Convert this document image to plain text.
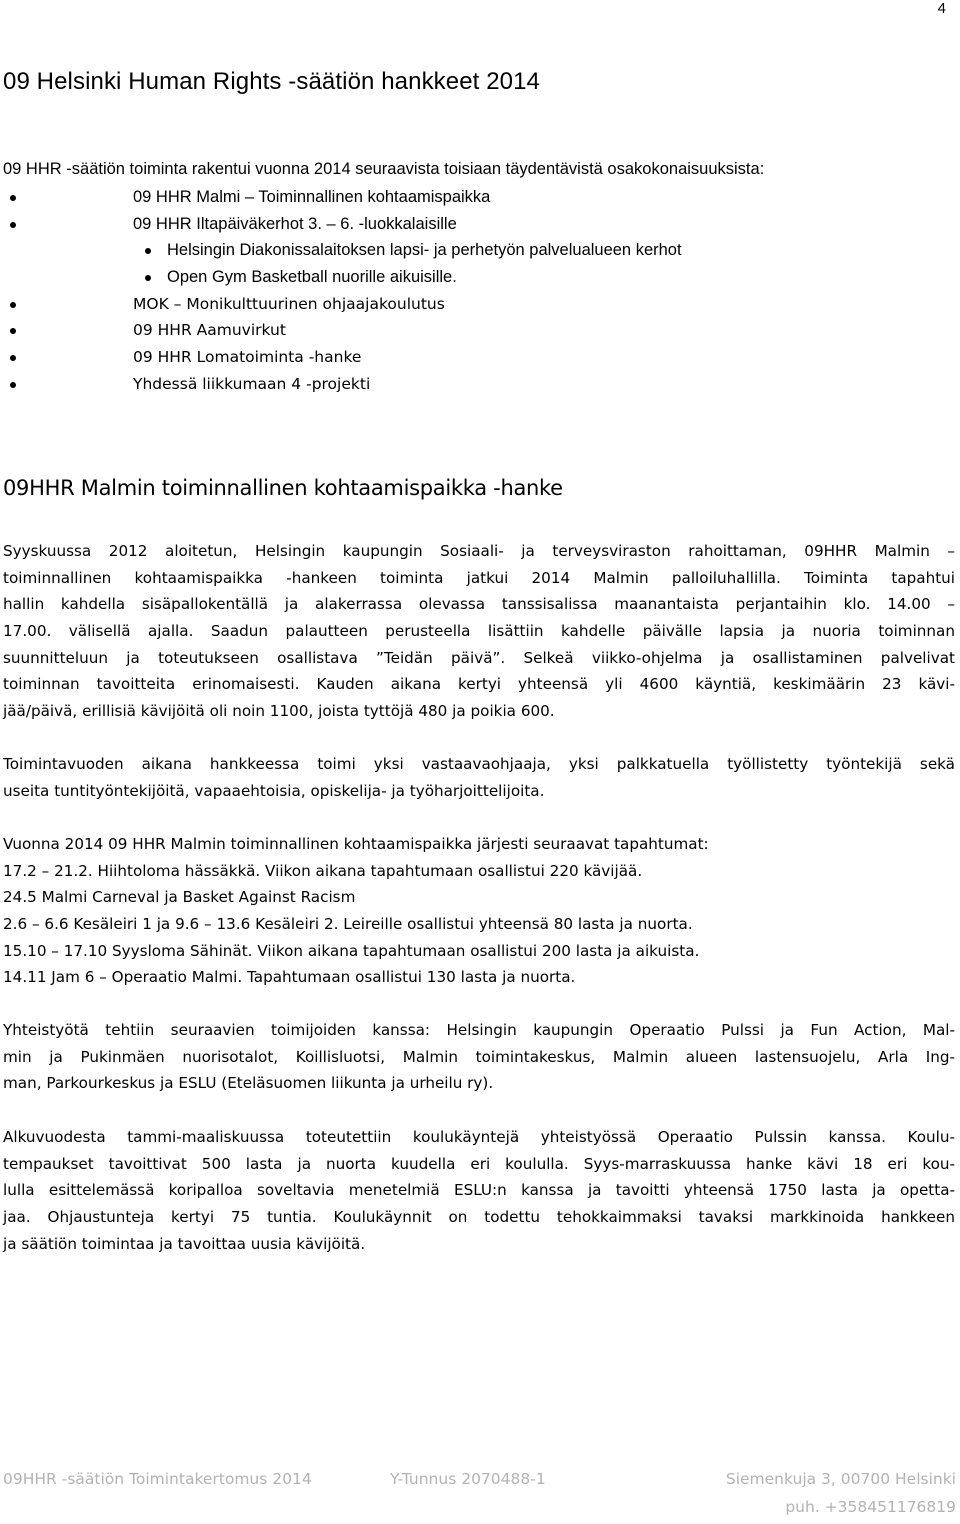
4
09 Helsinki Human Rights -säätiön hankkeet 2014
09 HHR -säätiön toiminta rakentui vuonna 2014 seuraavista toisiaan täydentävistä osakokonaisuuksista:
09 HHR Malmi – Toiminnallinen kohtaamispaikka
09 HHR Iltapäiväkerhot 3. – 6. -luokkalaisille
Helsingin Diakonissalaitoksen lapsi- ja perhetyön palvelualueen kerhot
Open Gym Basketball nuorille aikuisille.
MOK – Monikulttuurinen ohjaajakoulutus
09 HHR Aamuvirkut
09 HHR Lomatoiminta -hanke
Yhdessä liikkumaan 4 -projekti
09HHR Malmin toiminnallinen kohtaamispaikka -hanke

Syyskuussa 2012 aloitetun, Helsingin kaupungin Sosiaali- ja terveysviraston rahoittaman, 09HHR Malmin –
toiminnallinen kohtaamispaikka -hankeen toiminta jatkui 2014 Malmin palloiluhallilla. Toiminta tapahtui
hallin kahdella sisäpallokentällä ja alakerrassa olevassa tanssisalissa maanantaista perjantaihin klo. 14.00 –
17.00. välisellä ajalla. Saadun palautteen perusteella lisättiin kahdelle päivälle lapsia ja nuoria toiminnan
suunnitteluun ja toteutukseen osallistava ”Teidän päivä”. Selkeä viikko-ohjelma ja osallistaminen palvelivat
toiminnan tavoitteita erinomaisesti. Kauden aikana kertyi yhteensä yli 4600 käyntiä, keskimäärin 23 kävi-
jää/päivä, erillisiä kävijöitä oli noin 1100, joista tyttöjä 480 ja poikia 600.

Toimintavuoden aikana hankkeessa toimi yksi vastaavaohjaaja, yksi palkkatuella työllistetty työntekijä sekä
useita tuntityöntekijöitä, vapaaehtoisia, opiskelija- ja työharjoittelijoita.

Vuonna 2014 09 HHR Malmin toiminnallinen kohtaamispaikka järjesti seuraavat tapahtumat:
17.2 – 21.2. Hiihtoloma hässäkkä. Viikon aikana tapahtumaan osallistui 220 kävijää.
24.5 Malmi Carneval ja Basket Against Racism
2.6 – 6.6 Kesäleiri 1 ja 9.6 – 13.6 Kesäleiri 2. Leireille osallistui yhteensä 80 lasta ja nuorta.
15.10 – 17.10 Syysloma Sähinät. Viikon aikana tapahtumaan osallistui 200 lasta ja aikuista.
14.11 Jam 6 – Operaatio Malmi. Tapahtumaan osallistui 130 lasta ja nuorta.

Yhteistyötä tehtiin seuraavien toimijoiden kanssa: Helsingin kaupungin Operaatio Pulssi ja Fun Action, Mal-
min ja Pukinmäen nuorisotalot, Koillisluotsi, Malmin toimintakeskus, Malmin alueen lastensuojelu, Arla Ing-
man, Parkourkeskus ja ESLU (Eteläsuomen liikunta ja urheilu ry).

Alkuvuodesta tammi-maaliskuussa toteutettiin koulukäyntejä yhteistyössä Operaatio Pulssin kanssa. Koulu-
tempaukset tavoittivat 500 lasta ja nuorta kuudella eri koululla. Syys-marraskuussa hanke kävi 18 eri kou-
lulla esittelemässä koripalloa soveltavia menetelmiä ESLU:n kanssa ja tavoitti yhteensä 1750 lasta ja opetta-
jaa. Ohjaustunteja kertyi 75 tuntia. Koulukäynnit on todettu tehokkaimmaksi tavaksi markkinoida hankkeen
ja säätiön toimintaa ja tavoittaa uusia kävijöitä.

09HHR -säätiön Toimintakertomus 2014	Y-Tunnus 2070488-1	Siemenkuja 3, 00700 Helsinki
puh. +358451176819
